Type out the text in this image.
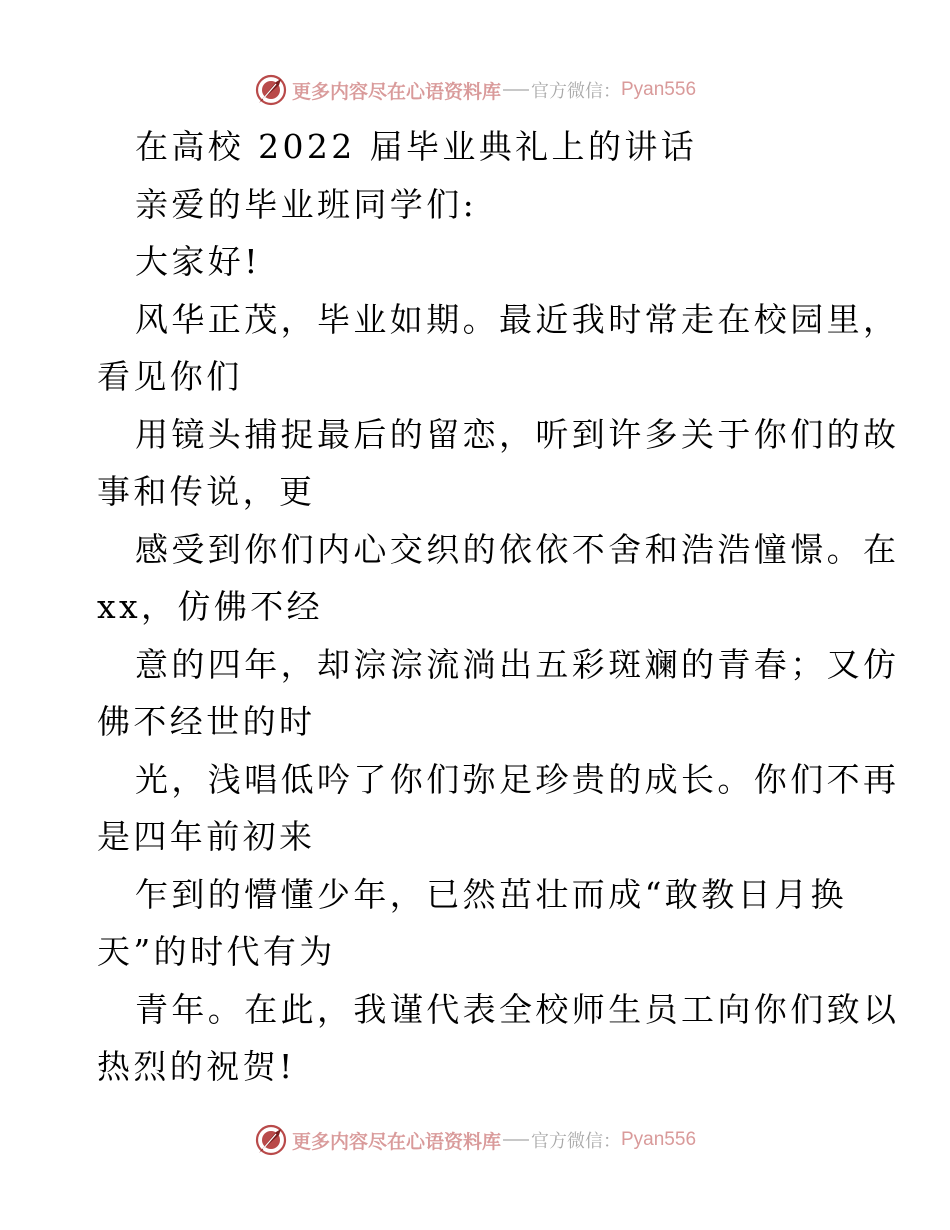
更多内容尽在心语资料库 官方微信： Pyan556
在高校 2022 届毕业典礼上的讲话
亲爱的毕业班同学们:
大家好!
风华正茂，毕业如期。最近我时常走在校园里，
看见你们
用镜头捕捉最后的留恋，听到许多关于你们的故
事和传说，更
感受到你们内心交织的依依不舍和浩浩憧憬。在
xx，仿佛不经
意的四年，却淙淙流淌出五彩斑斓的青春；又仿
佛不经世的时
光，浅唱低吟了你们弥足珍贵的成长。你们不再
是四年前初来
乍到的懵懂少年，已然茁壮而成“敢教日月换
天”的时代有为
青年。在此，我谨代表全校师生员工向你们致以
热烈的祝贺!
更多内容尽在心语资料库 官方微信： Pyan556
